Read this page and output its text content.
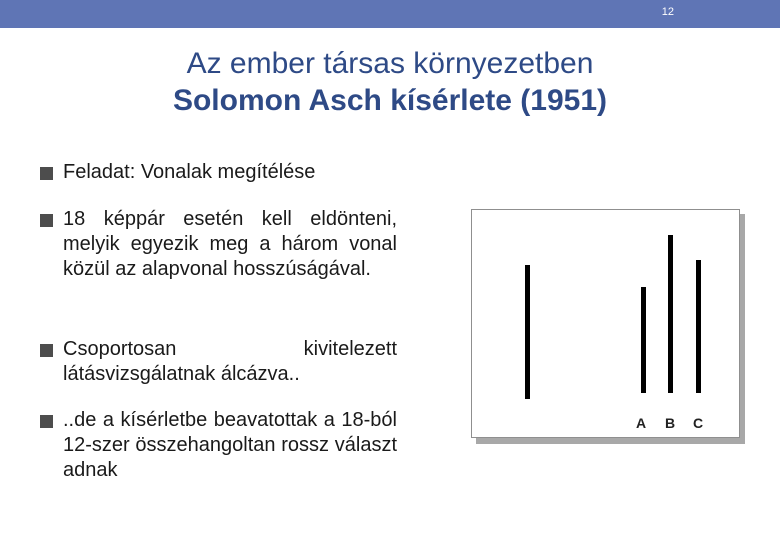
12
Az ember társas környezetben
Solomon Asch kísérlete (1951)

Feladat: Vonalak megítélése

18 képpár esetén kell eldönteni, melyik egyezik meg a három vonal közül az alapvonal hosszúságával.

Csoportosan kivitelezett látásvizsgálatnak álcázva..

..de a kísérletbe beavatottak a 18-ból 12-szer összehangoltan rossz választ adnak

A B C
